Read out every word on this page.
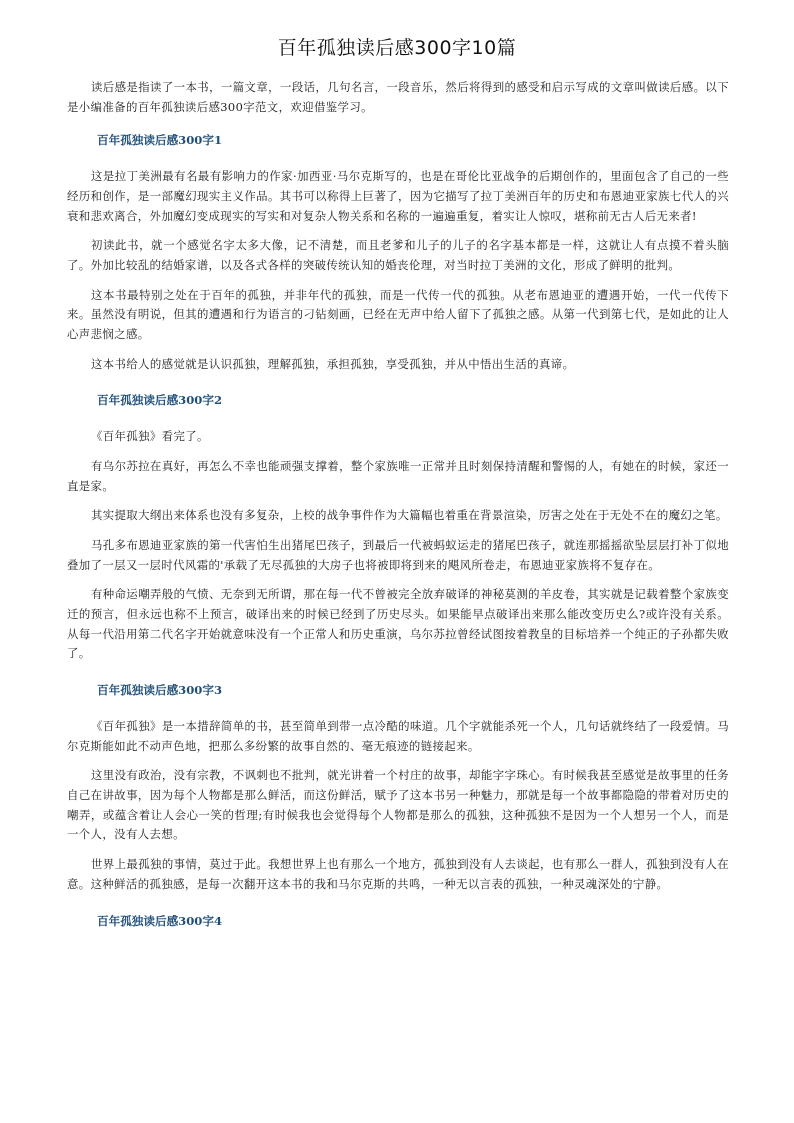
百年孤独读后感300字10篇

读后感是指读了一本书，一篇文章，一段话，几句名言，一段音乐，然后将得到的感受和启示写成的文章叫做读后感。以下是小编准备的百年孤独读后感300字范文，欢迎借鉴学习。

百年孤独读后感300字1

这是拉丁美洲最有名最有影响力的作家·加西亚·马尔克斯写的，也是在哥伦比亚战争的后期创作的，里面包含了自己的一些经历和创作，是一部魔幻现实主义作品。其书可以称得上巨著了，因为它描写了拉丁美洲百年的历史和布恩迪亚家族七代人的兴衰和悲欢离合，外加魔幻变成现实的写实和对复杂人物关系和名称的一遍遍重复，着实让人惊叹，堪称前无古人后无来者!

初读此书，就一个感觉名字太多大像，记不清楚，而且老爹和儿子的儿子的名字基本都是一样，这就让人有点摸不着头脑了。外加比较乱的结婚家谱，以及各式各样的突破传统认知的婚丧伦理，对当时拉丁美洲的文化，形成了鲜明的批判。

这本书最特别之处在于百年的孤独，并非年代的孤独，而是一代传一代的孤独。从老布恩迪亚的遭遇开始，一代一代传下来。虽然没有明说，但其的遭遇和行为语言的刁钻刻画，已经在无声中给人留下了孤独之感。从第一代到第七代，是如此的让人心声悲悯之感。

这本书给人的感觉就是认识孤独，理解孤独，承担孤独，享受孤独，并从中悟出生活的真谛。

百年孤独读后感300字2

《百年孤独》看完了。

有乌尔苏拉在真好，再怎么不幸也能顽强支撑着，整个家族唯一正常并且时刻保持清醒和警惕的人，有她在的时候，家还一直是家。

其实提取大纲出来体系也没有多复杂，上校的战争事件作为大篇幅也着重在背景渲染，厉害之处在于无处不在的魔幻之笔。

马孔多布恩迪亚家族的第一代害怕生出猪尾巴孩子，到最后一代被蚂蚁运走的猪尾巴孩子，就连那摇摇欲坠层层打补丁似地叠加了一层又一层时代风霜的'承载了无尽孤独的大房子也将被即将到来的飓风所卷走，布恩迪亚家族将不复存在。

有种命运嘲弄般的气愤、无奈到无所谓，那在每一代不曾被完全放弃破译的神秘莫测的羊皮卷，其实就是记载着整个家族变迁的预言，但永远也称不上预言，破译出来的时候已经到了历史尽头。如果能早点破译出来那么能改变历史么?或许没有关系。从每一代沿用第二代名字开始就意味没有一个正常人和历史重演，乌尔苏拉曾经试图按着教皇的目标培养一个纯正的子孙都失败了。

百年孤独读后感300字3

《百年孤独》是一本措辞简单的书，甚至简单到带一点冷酷的味道。几个字就能杀死一个人，几句话就终结了一段爱情。马尔克斯能如此不动声色地，把那么多纷繁的故事自然的、毫无痕迹的链接起来。

这里没有政治，没有宗教，不讽刺也不批判，就光讲着一个村庄的故事，却能字字珠心。有时候我甚至感觉是故事里的任务自己在讲故事，因为每个人物都是那么鲜活，而这份鲜活，赋予了这本书另一种魅力，那就是每一个故事都隐隐的带着对历史的嘲弄，或蕴含着让人会心一笑的哲理;有时候我也会觉得每个人物都是那么的孤独，这种孤独不是因为一个人想另一个人，而是一个人，没有人去想。

世界上最孤独的事情，莫过于此。我想世界上也有那么一个地方，孤独到没有人去谈起，也有那么一群人，孤独到没有人在意。这种鲜活的孤独感，是每一次翻开这本书的我和马尔克斯的共鸣，一种无以言表的孤独，一种灵魂深处的宁静。

百年孤独读后感300字4
